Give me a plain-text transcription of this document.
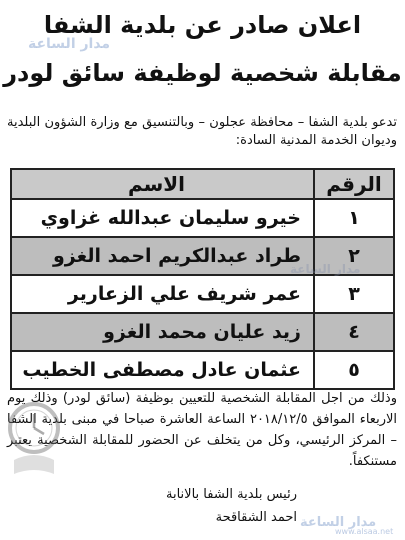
اعلان صادر عن بلدية الشفا
مقابلة شخصية لوظيفة سائق لودر
تدعو بلدية الشفا – محافظة عجلون – وبالتنسيق مع وزارة الشؤون البلدية وديوان الخدمة المدنية السادة:
الرقم	الاسم
١	خيرو سليمان عبدالله غزاوي
٢	طراد عبدالكريم احمد الغزو
٣	عمر شريف علي الزعارير
٤	زيد عليان محمد الغزو
٥	عثمان عادل مصطفى الخطيب
وذلك من اجل المقابلة الشخصية للتعيين بوظيفة (سائق لودر) وذلك يوم الاربعاء الموافق ٢٠١٨/١٢/٥ الساعة العاشرة صباحا في مبنى بلدية الشفا – المركز الرئيسي، وكل من يتخلف عن الحضور للمقابلة الشخصية يعتبر مستنكفاً.
رئيس بلدية الشفا بالانابة
احمد الشقاقحة
مدار الساعة
مدار الساعة
مدار الساعة
www.alsaa.net
